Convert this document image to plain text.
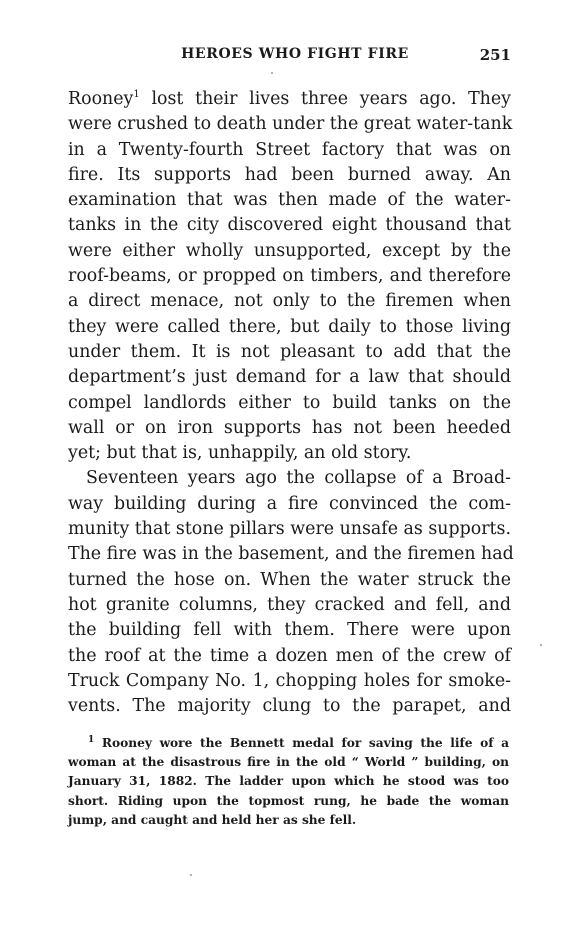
HEROES WHO FIGHT FIRE	251
Rooney$^1$ lost their lives three years ago. They
were crushed to death under the great water-tank
in a Twenty-fourth Street factory that was on
fire. Its supports had been burned away. An
examination that was then made of the water-
tanks in the city discovered eight thousand that
were either wholly unsupported, except by the
roof-beams, or propped on timbers, and therefore
a direct menace, not only to the firemen when
they were called there, but daily to those living
under them. It is not pleasant to add that the
department’s just demand for a law that should
compel landlords either to build tanks on the
wall or on iron supports has not been heeded
yet; but that is, unhappily, an old story.
Seventeen years ago the collapse of a Broad-
way building during a fire convinced the com-
munity that stone pillars were unsafe as supports.
The fire was in the basement, and the firemen had
turned the hose on. When the water struck the
hot granite columns, they cracked and fell, and
the building fell with them. There were upon
the roof at the time a dozen men of the crew of
Truck Company No. 1, chopping holes for smoke-
vents. The majority clung to the parapet, and
$^1$ Rooney wore the Bennett medal for saving the life of a
woman at the disastrous fire in the old “ World ” building, on
January 31, 1882. The ladder upon which he stood was too
short. Riding upon the topmost rung, he bade the woman
jump, and caught and held her as she fell.
